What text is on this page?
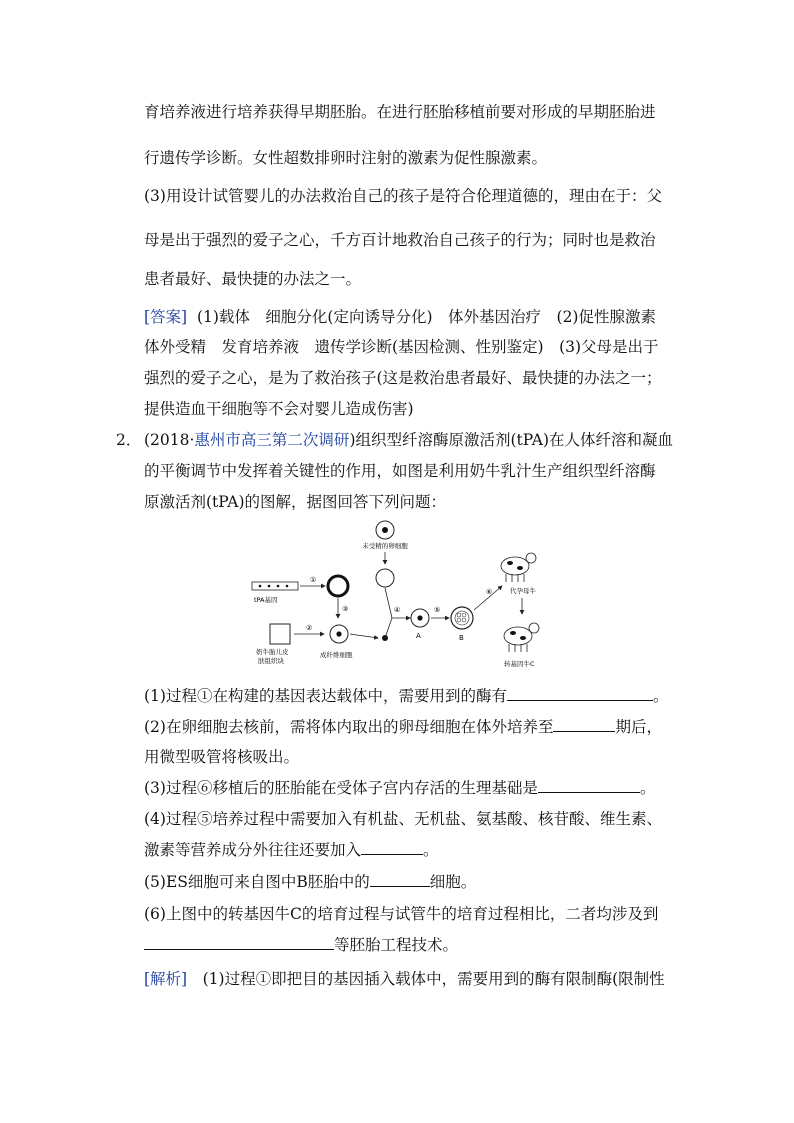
育培养液进行培养获得早期胚胎。在进行胚胎移植前要对形成的早期胚胎进
行遗传学诊断。女性超数排卵时注射的激素为促性腺激素。
(3)用设计试管婴儿的办法救治自己的孩子是符合伦理道德的，理由在于：父
母是出于强烈的爱子之心，千方百计地救治自己孩子的行为；同时也是救治
患者最好、最快捷的办法之一。
[答案] (1)载体　细胞分化(定向诱导分化)　体外基因治疗　(2)促性腺激素
体外受精　发育培养液　遗传学诊断(基因检测、性别鉴定)　(3)父母是出于
强烈的爱子之心，是为了救治孩子(这是救治患者最好、最快捷的办法之一；
提供造血干细胞等不会对婴儿造成伤害)
2． (2018·惠州市高三第二次调研)组织型纤溶酶原激活剂(tPA)在人体纤溶和凝血
的平衡调节中发挥着关键性的作用，如图是利用奶牛乳汁生产组织型纤溶酶
原激活剂(tPA)的图解，据图回答下列问题：
未受精的卵细胞
tPA基因
①
③
奶牛胎儿皮
肤组织块
②
成纤维细胞
④
A
⑤
B
⑥	代孕母牛
转基因牛C
(1)过程①在构建的基因表达载体中，需要用到的酶有	。
(2)在卵细胞去核前，需将体内取出的卵母细胞在体外培养至	期后，
用微型吸管将核吸出。
(3)过程⑥移植后的胚胎能在受体子宫内存活的生理基础是	。
(4)过程⑤培养过程中需要加入有机盐、无机盐、氨基酸、核苷酸、维生素、
激素等营养成分外往往还要加入	。
(5)ES细胞可来自图中B胚胎中的	细胞。
(6)上图中的转基因牛C的培育过程与试管牛的培育过程相比，二者均涉及到
等胚胎工程技术。
[解析]　(1)过程①即把目的基因插入载体中，需要用到的酶有限制酶(限制性
